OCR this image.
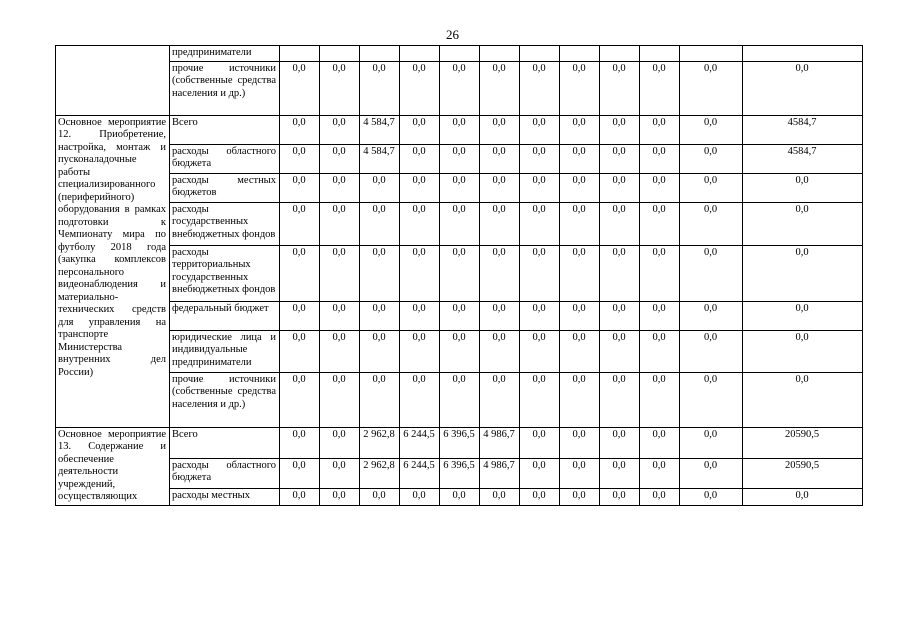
26
	предприниматели												
	прочие источники (собственные средства населения и др.)	0,0	0,0	0,0	0,0	0,0	0,0	0,0	0,0	0,0	0,0	0,0	0,0
Основное мероприятие 12. Приобретение, настройка, монтаж и пусконаладочные работы специализированного (периферийного) оборудования в рамках подготовки к Чемпионату мира по футболу 2018 года (закупка комплексов персонального видеонаблюдения и материально-технических средств для управления на транспорте Министерства внутренних дел России)	Всего	0,0	0,0	4 584,7	0,0	0,0	0,0	0,0	0,0	0,0	0,0	0,0	4584,7
	расходы областного бюджета	0,0	0,0	4 584,7	0,0	0,0	0,0	0,0	0,0	0,0	0,0	0,0	4584,7
	расходы местных бюджетов	0,0	0,0	0,0	0,0	0,0	0,0	0,0	0,0	0,0	0,0	0,0	0,0
	расходы государственных внебюджетных фондов	0,0	0,0	0,0	0,0	0,0	0,0	0,0	0,0	0,0	0,0	0,0	0,0
	расходы территориальных государственных внебюджетных фондов	0,0	0,0	0,0	0,0	0,0	0,0	0,0	0,0	0,0	0,0	0,0	0,0
	федеральный бюджет	0,0	0,0	0,0	0,0	0,0	0,0	0,0	0,0	0,0	0,0	0,0	0,0
	юридические лица и индивидуальные предприниматели	0,0	0,0	0,0	0,0	0,0	0,0	0,0	0,0	0,0	0,0	0,0	0,0
	прочие источники (собственные средства населения и др.)	0,0	0,0	0,0	0,0	0,0	0,0	0,0	0,0	0,0	0,0	0,0	0,0
Основное мероприятие 13. Содержание и обеспечение деятельности учреждений, осуществляющих	Всего	0,0	0,0	2 962,8	6 244,5	6 396,5	4 986,7	0,0	0,0	0,0	0,0	0,0	20590,5
	расходы областного бюджета	0,0	0,0	2 962,8	6 244,5	6 396,5	4 986,7	0,0	0,0	0,0	0,0	0,0	20590,5
	расходы местных	0,0	0,0	0,0	0,0	0,0	0,0	0,0	0,0	0,0	0,0	0,0	0,0
